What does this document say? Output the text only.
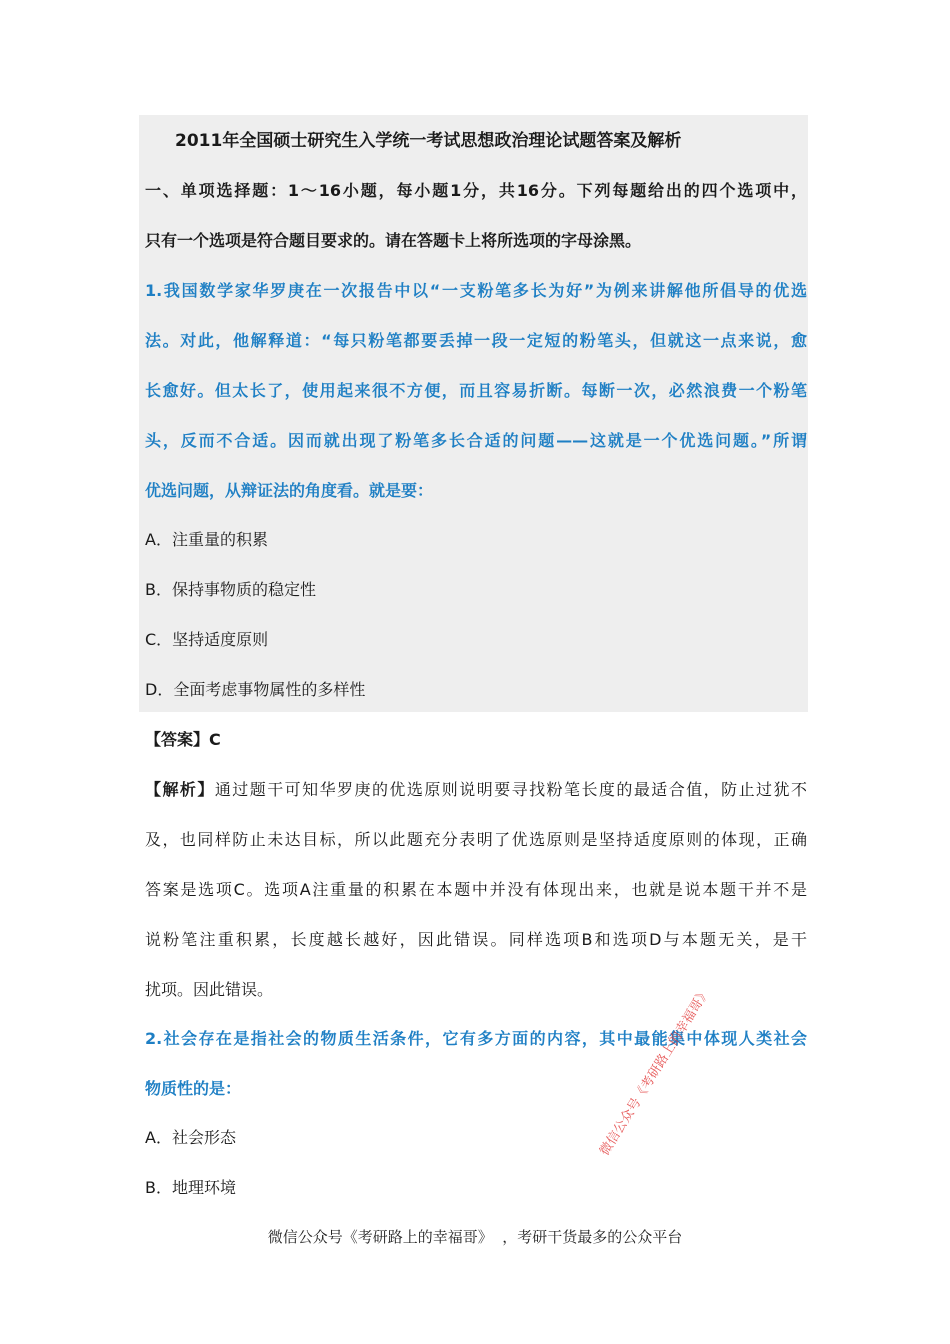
2011年全国硕士研究生入学统一考试思想政治理论试题答案及解析
一、单项选择题：1～16小题，每小题1分，共16分。下列每题给出的四个选项中，
只有一个选项是符合题目要求的。请在答题卡上将所选项的字母涂黑。
1.我国数学家华罗庚在一次报告中以“一支粉笔多长为好”为例来讲解他所倡导的优选
法。对此，他解释道：“每只粉笔都要丢掉一段一定短的粉笔头，但就这一点来说，愈
长愈好。但太长了，使用起来很不方便，而且容易折断。每断一次，必然浪费一个粉笔
头，反而不合适。因而就出现了粉笔多长合适的问题——这就是一个优选问题。”所谓
优选问题，从辩证法的角度看。就是要：
A．注重量的积累
B．保持事物质的稳定性
C．坚持适度原则
D．全面考虑事物属性的多样性
【答案】C
【解析】通过题干可知华罗庚的优选原则说明要寻找粉笔长度的最适合值，防止过犹不
及，也同样防止未达目标，所以此题充分表明了优选原则是坚持适度原则的体现，正确
答案是选项C。选项A注重量的积累在本题中并没有体现出来，也就是说本题干并不是
说粉笔注重积累，长度越长越好，因此错误。同样选项B和选项D与本题无关，是干
扰项。因此错误。
2.社会存在是指社会的物质生活条件，它有多方面的内容，其中最能集中体现人类社会
物质性的是：
A．社会形态
B．地理环境
微信公众号《考研路上的幸福哥》
微信公众号《考研路上的幸福哥》  ，考研干货最多的公众平台
